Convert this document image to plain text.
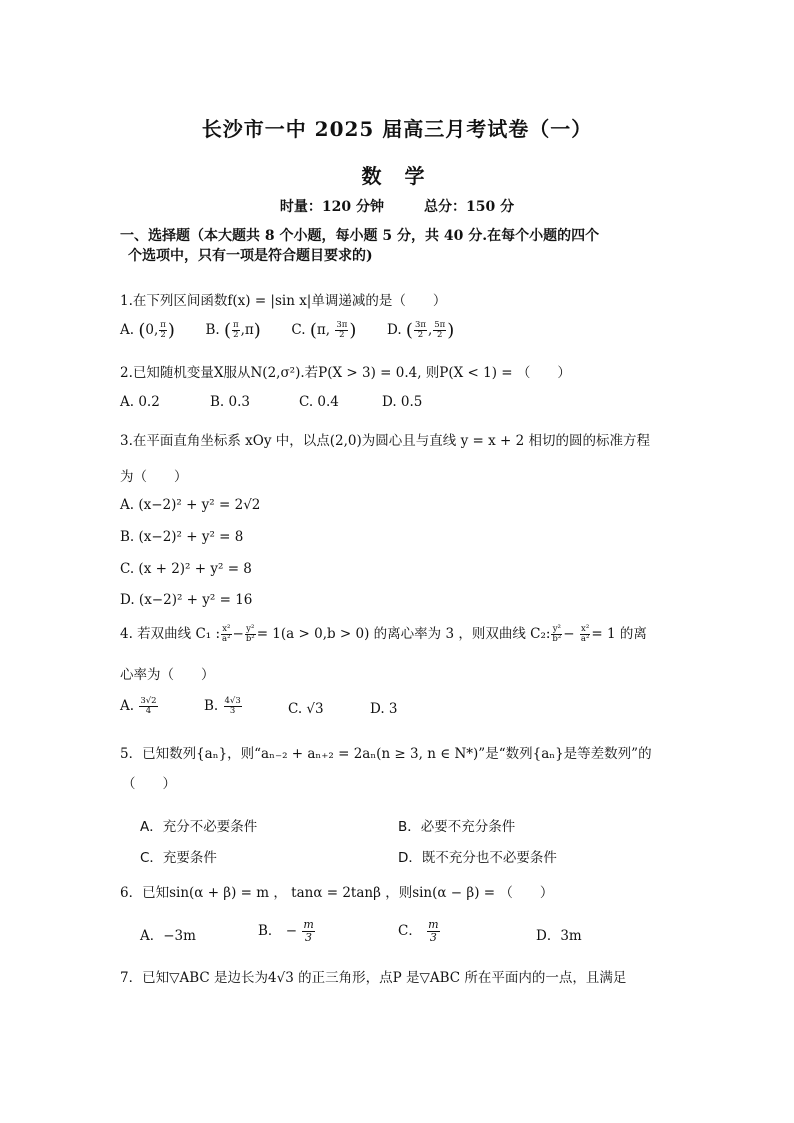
长沙市一中 2025 届高三月考试卷（一）
数 学
时量：120 分钟	总分：150 分
一、选择题（本大题共 8 个小题，每小题 5 分，共 40 分.在每个小题的四个
个选项中，只有一项是符合题目要求的)
1.在下列区间函数f(x) = |sin x|单调递减的是（　　）
A. (0, $\frac{\pi}{2}$ ) B. ( $\frac{\pi}{2} ,\pi$) C. (π, $\frac{3\pi}{2}$ ) D. ( $\frac{3\pi}{2}$ , $\frac{5\pi}{2}$ )
2.已知随机变量X服从N(2,σ²).若P(X > 3) = 0.4, 则P(X < 1) = （　　）
A. 0.2	B. 0.3	C. 0.4	D. 0.5
3.在平面直角坐标系 xOy 中，以点(2,0)为圆心且与直线 y = x + 2 相切的圆的标准方程
为（　　）
A. (x−2)² + y² = 2√2
B. (x−2)² + y² = 8
C. (x + 2)² + y² = 8
D. (x−2)² + y² = 16
4. 若双曲线 C₁ : $\frac{\text{x²}}{\text{a²}} - \frac{\text{y²}}{\text{b²}} = 1(a > 0,b > 0)$ 的离心率为 3 ，则双曲线 C₂: $\frac{\text{y²}}{\text{b²}} - \frac{\text{x²}}{\text{a²}} = 1$ 的离
心率为（　　）
A. $\frac{3√2}{4}$	B. $\frac{4√3}{3}$	C. √3	D. 3
5．已知数列{aₙ}，则“aₙ₋₂ + aₙ₊₂ = 2aₙ(n ≥ 3, n ∈ N*)”是“数列{aₙ}是等差数列”的
（　　）
A．充分不必要条件	B．必要不充分条件
C．充要条件	D．既不充分也不必要条件
6．已知sin(α + β) = m ， tanα = 2tanβ ，则sin(α − β) = （　　）
A．−3m	B． − $\frac{m}{3}$	C． $\frac{m}{3}$	D．3m
7．已知▽ABC 是边长为4√3 的正三角形，点P 是▽ABC 所在平面内的一点，且满足
